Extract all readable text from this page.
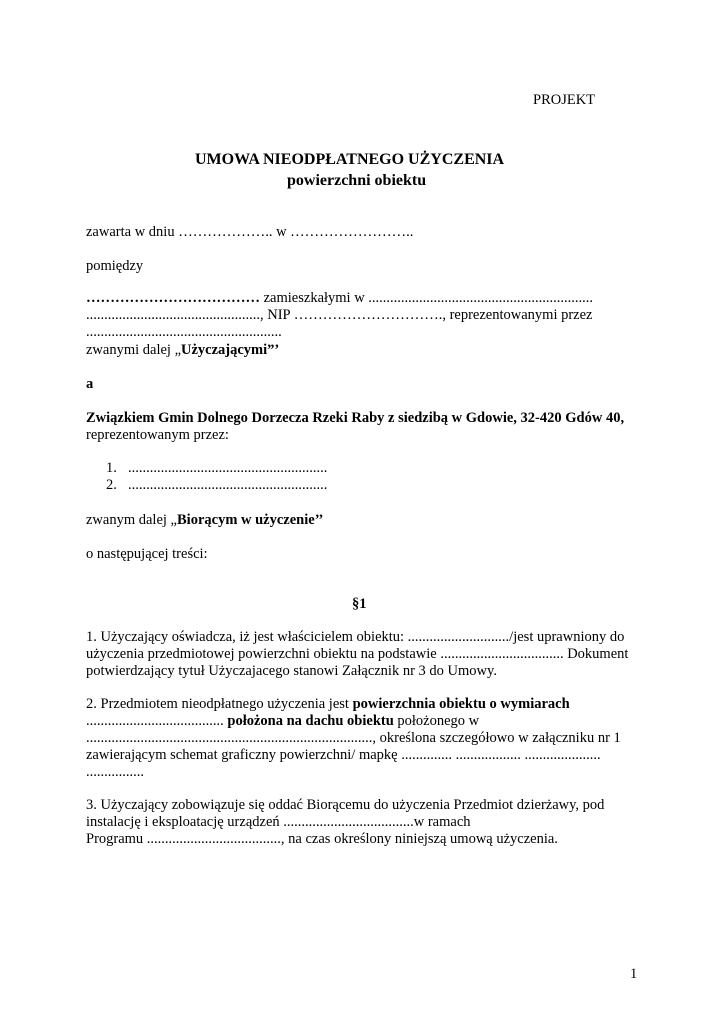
PROJEKT
UMOWA NIEODPŁATNEGO UŻYCZENIA
powierzchni obiektu
zawarta w dniu ……………….. w ……………………..
pomiędzy
……………………………… zamieszkałymi w ..............................................................
................................................, NIP …………………………., reprezentowanymi przez
......................................................
zwanymi dalej „Użyczającymi”’
a
Związkiem Gmin Dolnego Dorzecza Rzeki Raby z siedzibą w Gdowie, 32-420 Gdów 40,
reprezentowanym przez:
1. .......................................................
2. .......................................................
zwanym dalej „Biorącym w użyczenie’’
o następującej treści:
§1
1. Użyczający oświadcza, iż jest właścicielem obiektu: ............................/jest uprawniony do
użyczenia przedmiotowej powierzchni obiektu na podstawie .................................. Dokument
potwierdzający tytuł Użyczajacego stanowi Załącznik nr 3 do Umowy.
2. Przedmiotem nieodpłatnego użyczenia jest powierzchnia obiektu o wymiarach
...................................... położona na dachu obiektu położonego w
..............................................................................., określona szczegółowo w załączniku nr 1
zawierającym schemat graficzny powierzchni/ mapkę .............. .................. .....................
................
3. Użyczający zobowiązuje się oddać Biorącemu do użyczenia Przedmiot dzierżawy, pod
instalację i eksploatację urządzeń ....................................w ramach
Programu ....................................., na czas określony niniejszą umową użyczenia.
1
